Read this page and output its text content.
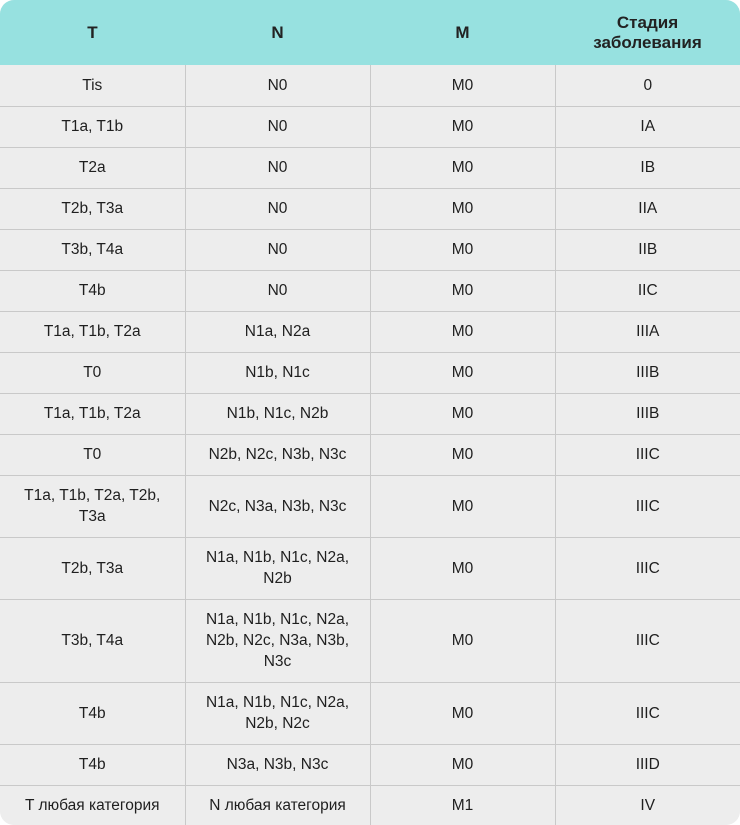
T	N	M	Стадия заболевания
Tis	N0	M0	0
T1a, T1b	N0	M0	IA
T2a	N0	M0	IB
T2b, T3a	N0	M0	IIA
T3b, T4a	N0	M0	IIB
T4b	N0	M0	IIC
T1a, T1b, T2a	N1a, N2a	M0	IIIA
T0	N1b, N1c	M0	IIIB
T1a, T1b, T2a	N1b, N1c, N2b	M0	IIIB
T0	N2b, N2c, N3b, N3c	M0	IIIC
T1a, T1b, T2a, T2b, T3a	N2c, N3a, N3b, N3c	M0	IIIC
T2b, T3a	N1a, N1b, N1c, N2a, N2b	M0	IIIC
T3b, T4a	N1a, N1b, N1c, N2a, N2b, N2c, N3a, N3b, N3c	M0	IIIC
T4b	N1a, N1b, N1c, N2a, N2b, N2c	M0	IIIC
T4b	N3a, N3b, N3c	M0	IIID
T любая категория	N любая категория	M1	IV
